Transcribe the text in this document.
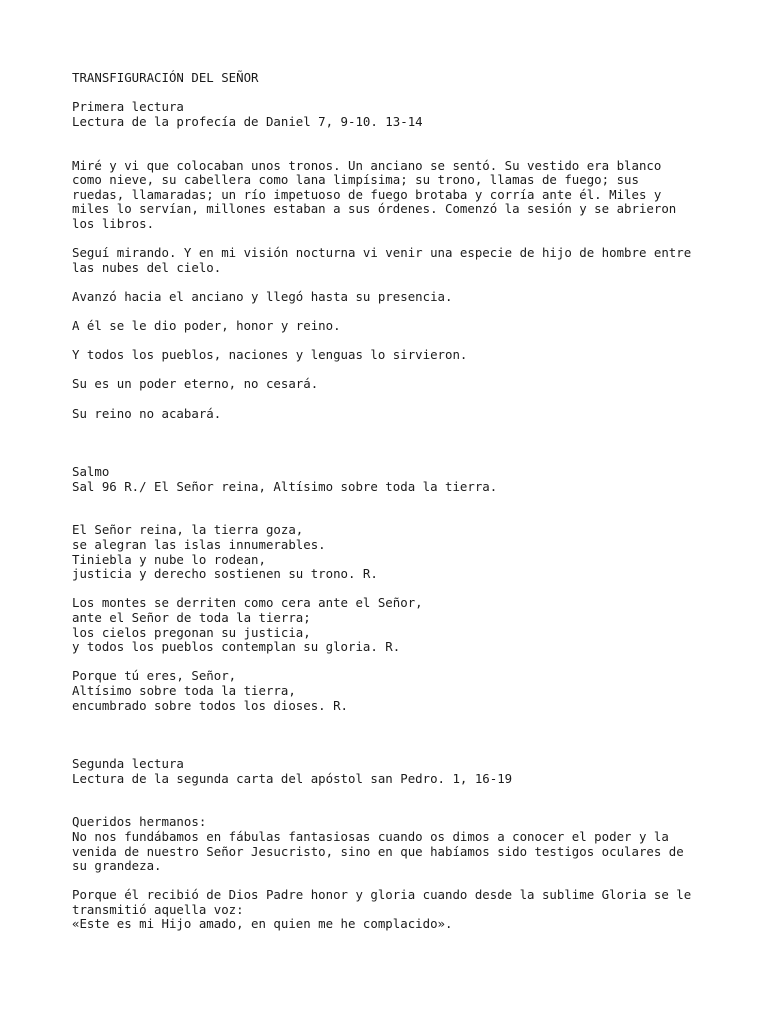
TRANSFIGURACIÓN DEL SEÑOR
Primera lectura
Lectura de la profecía de Daniel 7, 9-10. 13-14
Miré y vi que colocaban unos tronos. Un anciano se sentó. Su vestido era blanco
como nieve, su cabellera como lana limpísima; su trono, llamas de fuego; sus
ruedas, llamaradas; un río impetuoso de fuego brotaba y corría ante él. Miles y
miles lo servían, millones estaban a sus órdenes. Comenzó la sesión y se abrieron
los libros.
Seguí mirando. Y en mi visión nocturna vi venir una especie de hijo de hombre entre
las nubes del cielo.
Avanzó hacia el anciano y llegó hasta su presencia.
A él se le dio poder, honor y reino.
Y todos los pueblos, naciones y lenguas lo sirvieron.
Su es un poder eterno, no cesará.
Su reino no acabará.
Salmo
Sal 96 R./ El Señor reina, Altísimo sobre toda la tierra.
El Señor reina, la tierra goza,
se alegran las islas innumerables.
Tiniebla y nube lo rodean,
justicia y derecho sostienen su trono. R.
Los montes se derriten como cera ante el Señor,
ante el Señor de toda la tierra;
los cielos pregonan su justicia,
y todos los pueblos contemplan su gloria. R.
Porque tú eres, Señor,
Altísimo sobre toda la tierra,
encumbrado sobre todos los dioses. R.
Segunda lectura
Lectura de la segunda carta del apóstol san Pedro. 1, 16-19
Queridos hermanos:
No nos fundábamos en fábulas fantasiosas cuando os dimos a conocer el poder y la
venida de nuestro Señor Jesucristo, sino en que habíamos sido testigos oculares de
su grandeza.
Porque él recibió de Dios Padre honor y gloria cuando desde la sublime Gloria se le
transmitió aquella voz:
«Este es mi Hijo amado, en quien me he complacido».
